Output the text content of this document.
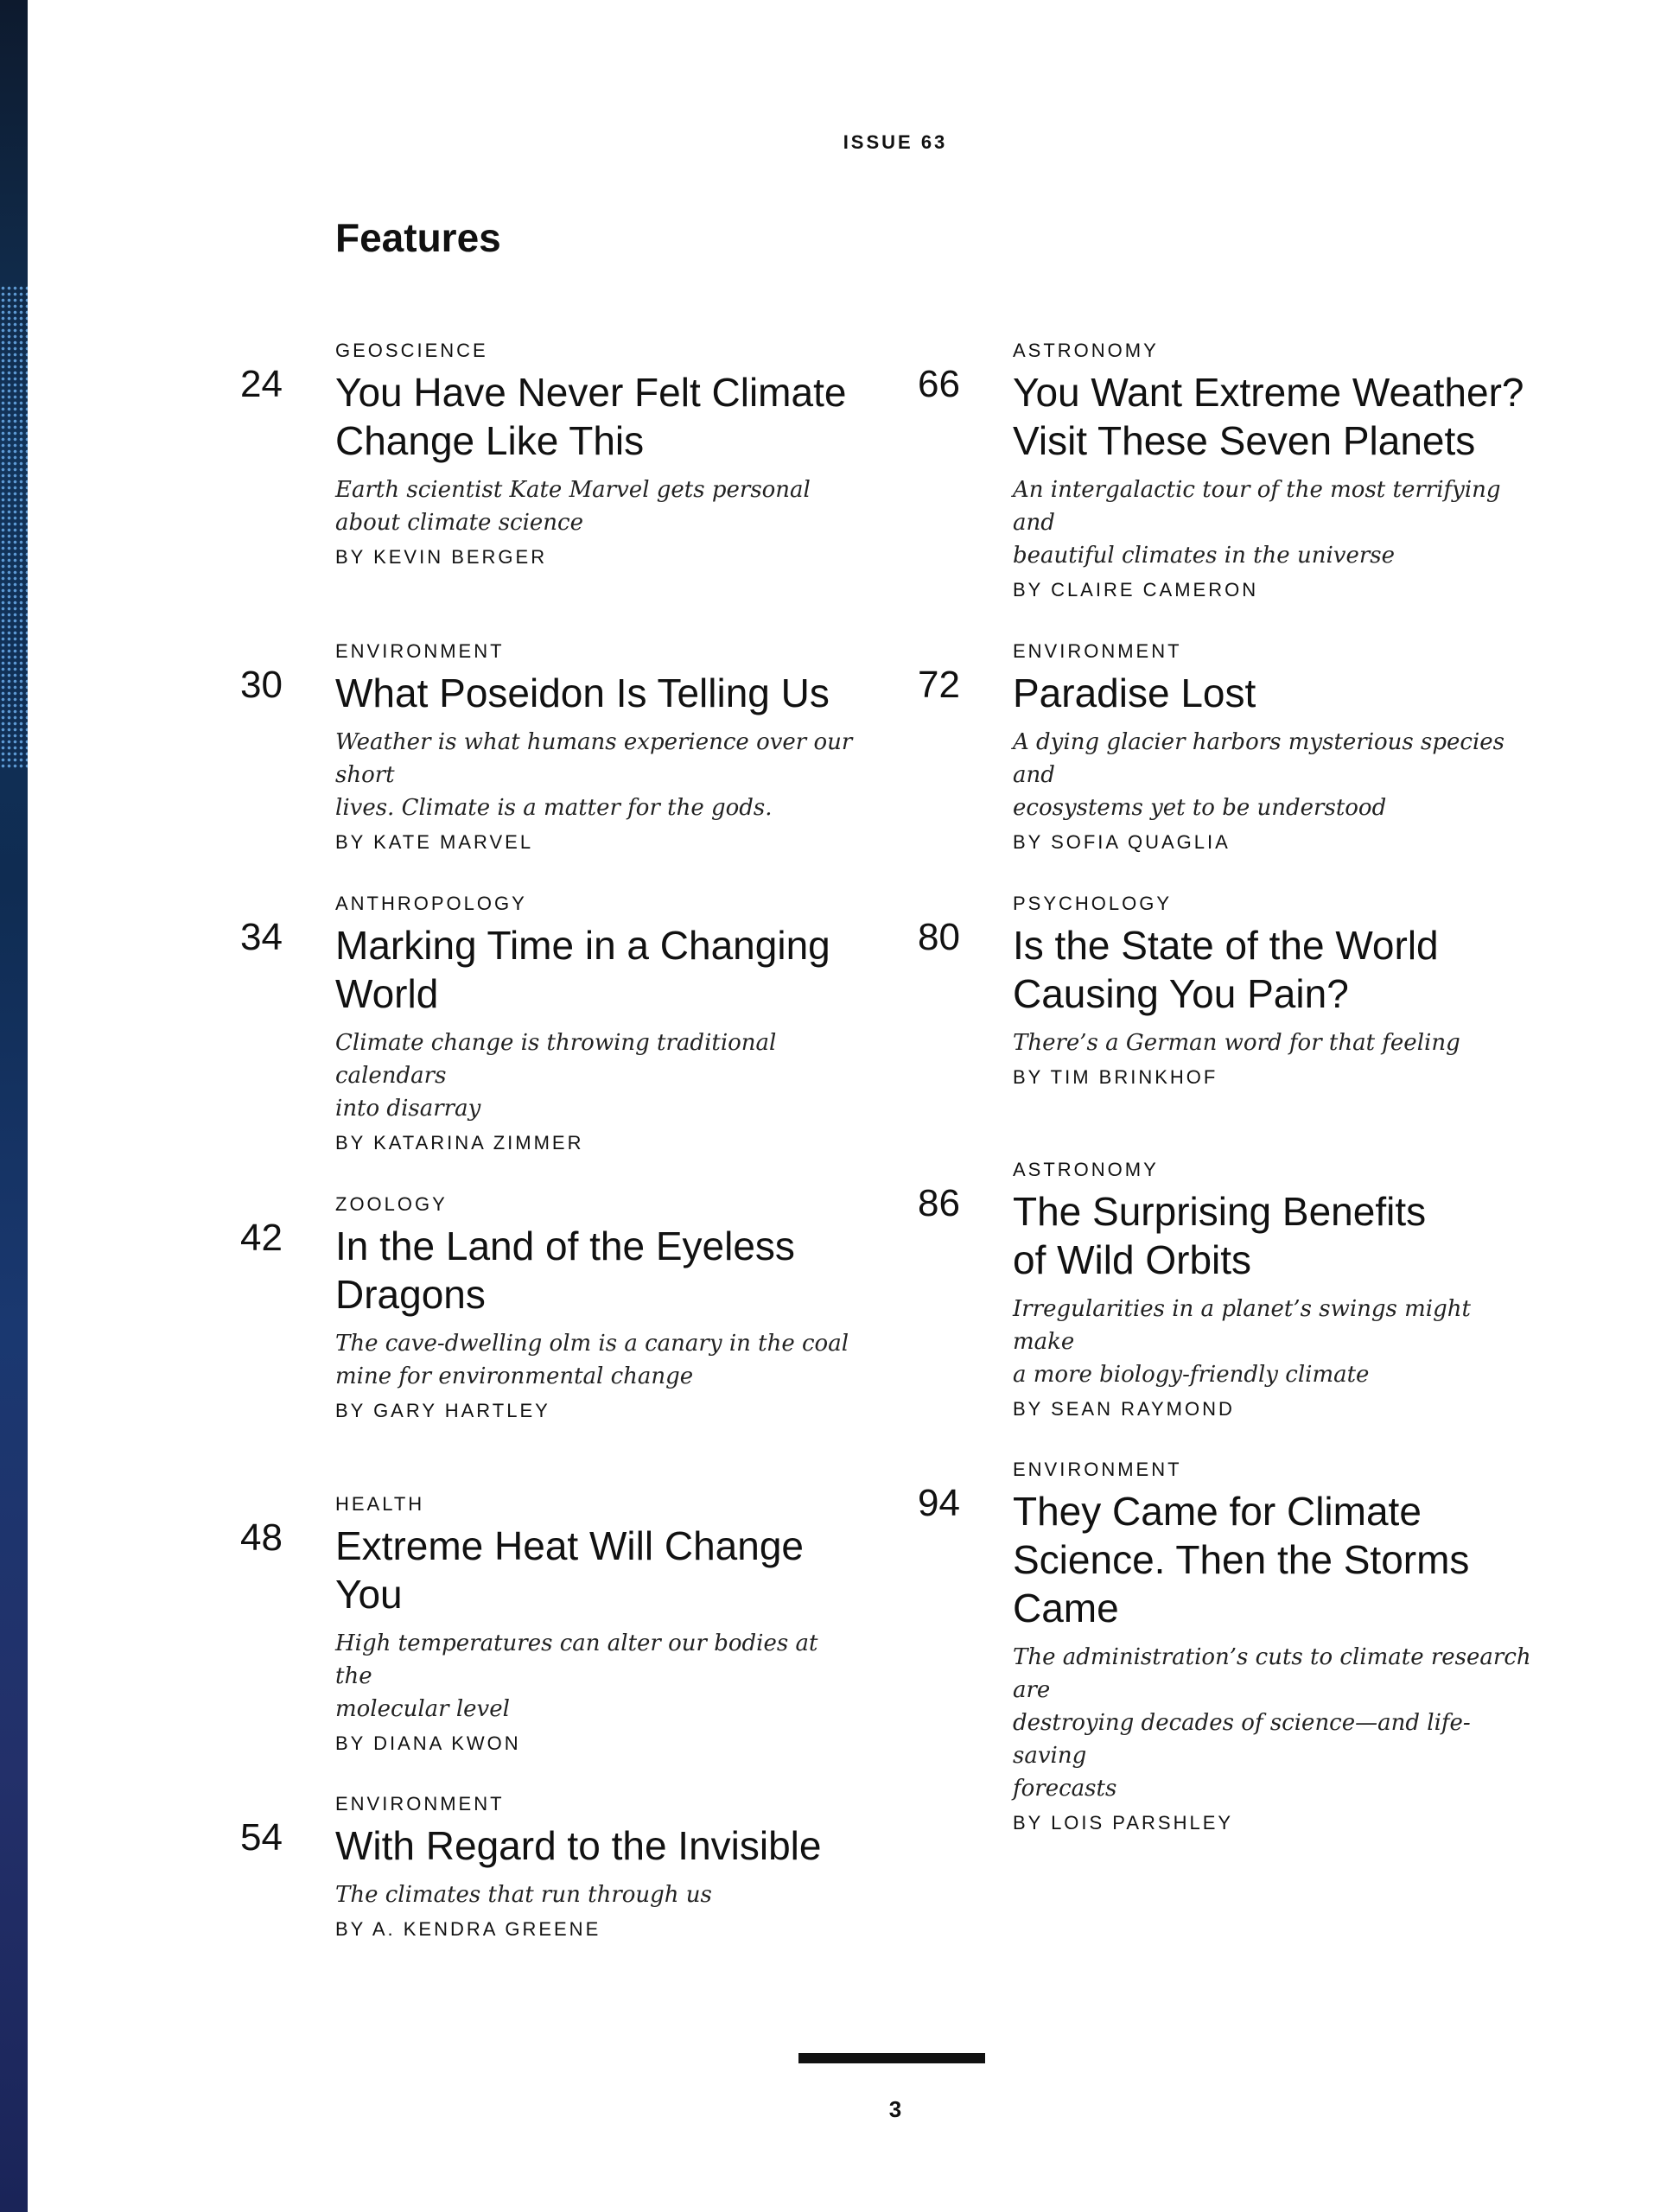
ISSUE 63
Features
24
GEOSCIENCE
You Have Never Felt Climate
Change Like This
Earth scientist Kate Marvel gets personal
about climate science
BY KEVIN BERGER
30
ENVIRONMENT
What Poseidon Is Telling Us
Weather is what humans experience over our short
lives. Climate is a matter for the gods.
BY KATE MARVEL
34
ANTHROPOLOGY
Marking Time in a Changing
World
Climate change is throwing traditional calendars
into disarray
BY KATARINA ZIMMER
42
ZOOLOGY
In the Land of the Eyeless
Dragons
The cave-dwelling olm is a canary in the coal
mine for environmental change
BY GARY HARTLEY
48
HEALTH
Extreme Heat Will Change
You
High temperatures can alter our bodies at the
molecular level
BY DIANA KWON
54
ENVIRONMENT
With Regard to the Invisible
The climates that run through us
BY A. KENDRA GREENE
66
ASTRONOMY
You Want Extreme Weather?
Visit These Seven Planets
An intergalactic tour of the most terrifying and
beautiful climates in the universe
BY CLAIRE CAMERON
72
ENVIRONMENT
Paradise Lost
A dying glacier harbors mysterious species and
ecosystems yet to be understood
BY SOFIA QUAGLIA
80
PSYCHOLOGY
Is the State of the World
Causing You Pain?
There’s a German word for that feeling
BY TIM BRINKHOF
86
ASTRONOMY
The Surprising Benefits
of Wild Orbits
Irregularities in a planet’s swings might make
a more biology-friendly climate
BY SEAN RAYMOND
94
ENVIRONMENT
They Came for Climate
Science. Then the Storms
Came
The administration’s cuts to climate research are
destroying decades of science—and life-saving
forecasts
BY LOIS PARSHLEY
3
